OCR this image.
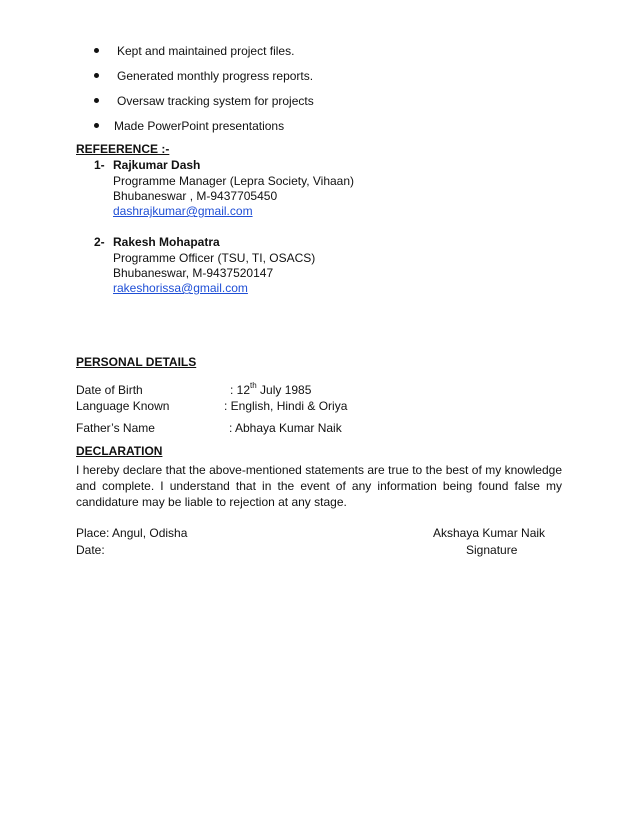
Kept and maintained project files.
Generated monthly progress reports.
Oversaw tracking system for projects
Made PowerPoint presentations
REFEERENCE :-
1- Rajkumar Dash
Programme Manager (Lepra Society, Vihaan)
Bhubaneswar , M-9437705450
dashrajkumar@gmail.com
2- Rakesh Mohapatra
Programme Officer (TSU, TI, OSACS)
Bhubaneswar, M-9437520147
rakeshorissa@gmail.com
PERSONAL DETAILS
Date of Birth	: 12th July 1985
Language Known	: English, Hindi & Oriya
Father’s Name	: Abhaya Kumar Naik
DECLARATION
I hereby declare that the above-mentioned statements are true to the best of my knowledge and complete. I understand that in the event of any information being found false my candidature may be liable to rejection at any stage.
Place: Angul, Odisha
Date:
Akshaya Kumar Naik
Signature
